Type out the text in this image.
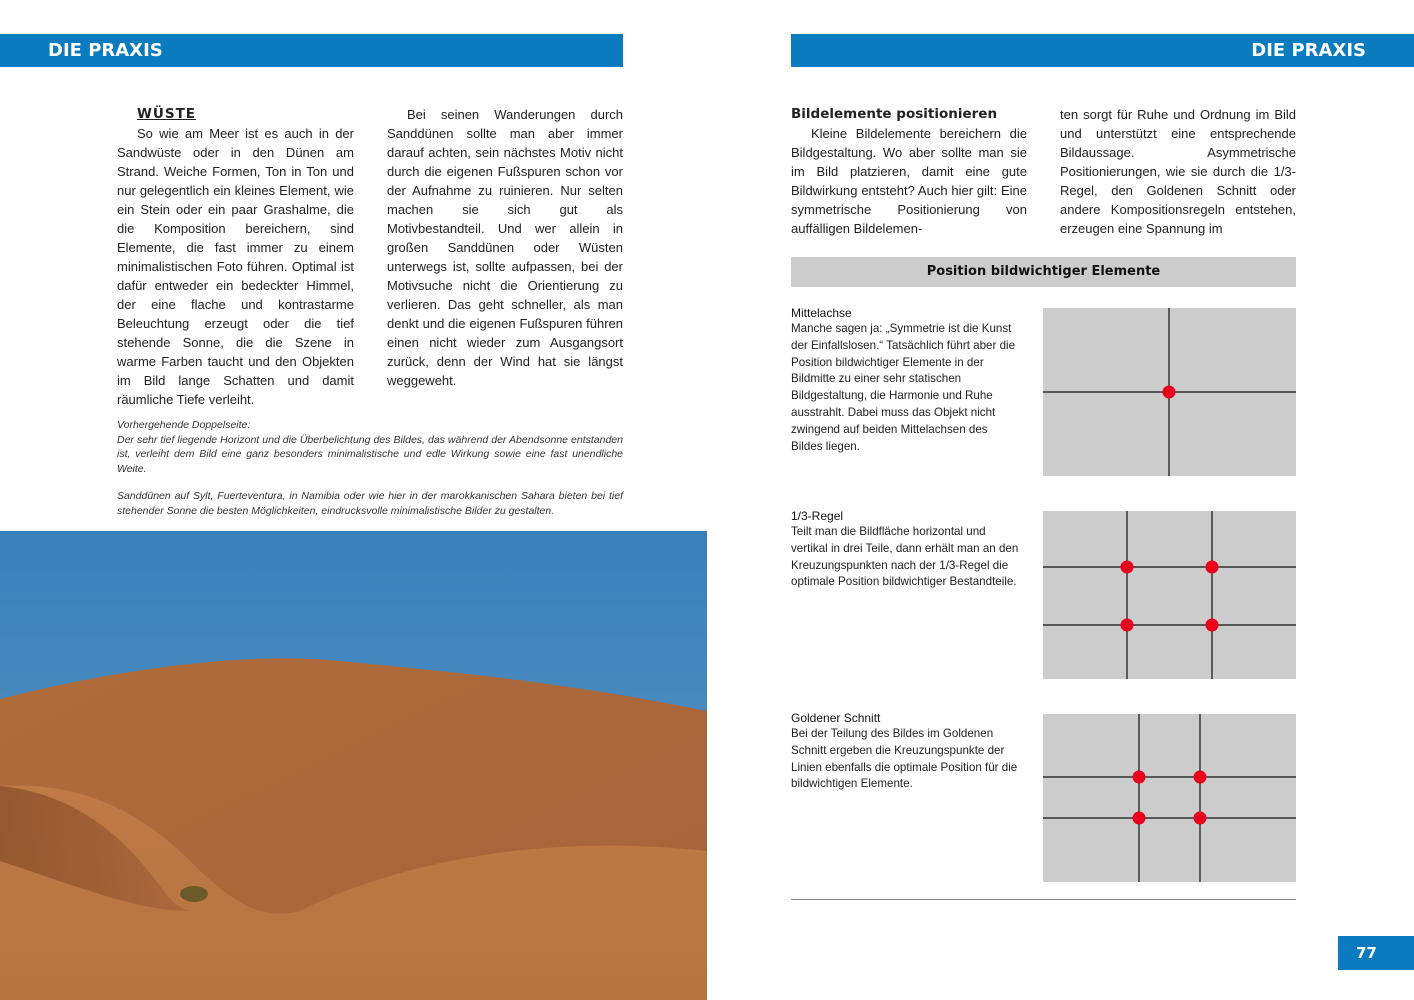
DIE PRAXIS	DIE PRAXIS
WÜSTE

So wie am Meer ist es auch in der Sandwüste oder in den Dünen am Strand. Weiche Formen, Ton in Ton und nur gelegentlich ein kleines Element, wie ein Stein oder ein paar Grashalme, die die Komposition bereichern, sind Elemente, die fast immer zu einem minimalistischen Foto führen. Optimal ist dafür entweder ein bedeckter Himmel, der eine flache und kontrastarme Beleuchtung erzeugt oder die tief stehende Sonne, die die Szene in warme Farben taucht und den Objekten im Bild lange Schatten und damit räumliche Tiefe verleiht.

Bei seinen Wanderungen durch Sanddünen sollte man aber immer darauf achten, sein nächstes Motiv nicht durch die eigenen Fußspuren schon vor der Aufnahme zu ruinieren. Nur selten machen sie sich gut als Motivbestandteil. Und wer allein in großen Sanddünen oder Wüsten unterwegs ist, sollte aufpassen, bei der Motivsuche nicht die Orientierung zu verlieren. Das geht schneller, als man denkt und die eigenen Fußspuren führen einen nicht wieder zum Ausgangsort zurück, denn der Wind hat sie längst weggeweht.

Vorhergehende Doppelseite:

Der sehr tief liegende Horizont und die Überbelichtung des Bildes, das während der Abendsonne entstanden ist, verleiht dem Bild eine ganz besonders minimalistische und edle Wirkung sowie eine fast unendliche Weite.

Sanddünen auf Sylt, Fuerteventura, in Namibia oder wie hier in der marokkanischen Sahara bieten bei tief stehender Sonne die besten Möglichkeiten, eindrucksvolle minimalistische Bilder zu gestalten.

Bildelemente positionieren

Kleine Bildelemente bereichern die Bildgestaltung. Wo aber sollte man sie im Bild platzieren, damit eine gute Bildwirkung entsteht? Auch hier gilt: Eine symmetrische Positionierung von auffälligen Bildelemen-

ten sorgt für Ruhe und Ordnung im Bild und unterstützt eine entsprechende Bildaussage. Asymmetrische Positionierungen, wie sie durch die 1/3-Regel, den Goldenen Schnitt oder andere Kompositionsregeln entstehen, erzeugen eine Spannung im

Position bildwichtiger Elemente
Mittelachse
Manche sagen ja: „Symmetrie ist die Kunst der Einfallslosen.“ Tatsächlich führt aber die Position bildwichtiger Elemente in der Bildmitte zu einer sehr statischen Bildgestaltung, die Harmonie und Ruhe ausstrahlt. Dabei muss das Objekt nicht zwingend auf beiden Mittelachsen des Bildes liegen.
1/3-Regel
Teilt man die Bildfläche horizontal und vertikal in drei Teile, dann erhält man an den Kreuzungspunkten nach der 1/3-Regel die optimale Position bildwichtiger Bestandteile.
Goldener Schnitt
Bei der Teilung des Bildes im Goldenen Schnitt ergeben die Kreuzungspunkte der Linien ebenfalls die optimale Position für die bildwichtigen Elemente.
77
